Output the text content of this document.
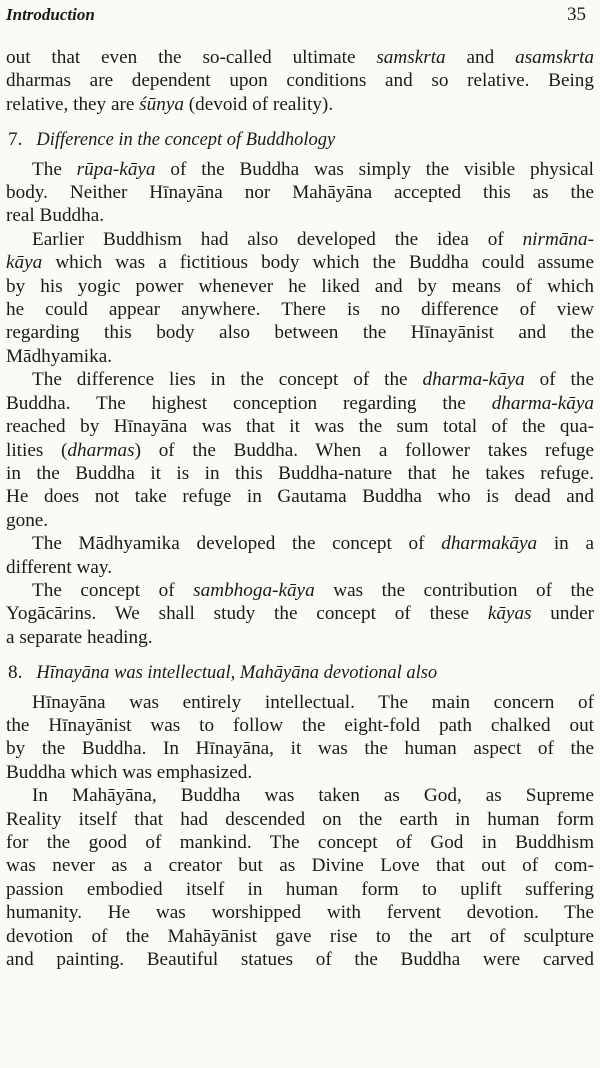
Introduction	35
out that even the so-called ultimate samskrta and asamskrta
dharmas are dependent upon conditions and so relative. Being
relative, they are śūnya (devoid of reality).
7. Difference in the concept of Buddhology
The rūpa-kāya of the Buddha was simply the visible physical
body. Neither Hīnayāna nor Mahāyāna accepted this as the
real Buddha.
Earlier Buddhism had also developed the idea of nirmāna-
kāya which was a fictitious body which the Buddha could assume
by his yogic power whenever he liked and by means of which
he could appear anywhere. There is no difference of view
regarding this body also between the Hīnayānist and the
Mādhyamika.
The difference lies in the concept of the dharma-kāya of the
Buddha. The highest conception regarding the dharma-kāya
reached by Hīnayāna was that it was the sum total of the qua-
lities (dharmas) of the Buddha. When a follower takes refuge
in the Buddha it is in this Buddha-nature that he takes refuge.
He does not take refuge in Gautama Buddha who is dead and
gone.
The Mādhyamika developed the concept of dharmakāya in a
different way.
The concept of sambhoga-kāya was the contribution of the
Yogācārins. We shall study the concept of these kāyas under
a separate heading.
8. Hīnayāna was intellectual, Mahāyāna devotional also
Hīnayāna was entirely intellectual. The main concern of
the Hīnayānist was to follow the eight-fold path chalked out
by the Buddha. In Hīnayāna, it was the human aspect of the
Buddha which was emphasized.
In Mahāyāna, Buddha was taken as God, as Supreme
Reality itself that had descended on the earth in human form
for the good of mankind. The concept of God in Buddhism
was never as a creator but as Divine Love that out of com-
passion embodied itself in human form to uplift suffering
humanity. He was worshipped with fervent devotion. The
devotion of the Mahāyānist gave rise to the art of sculpture
and painting. Beautiful statues of the Buddha were carved
